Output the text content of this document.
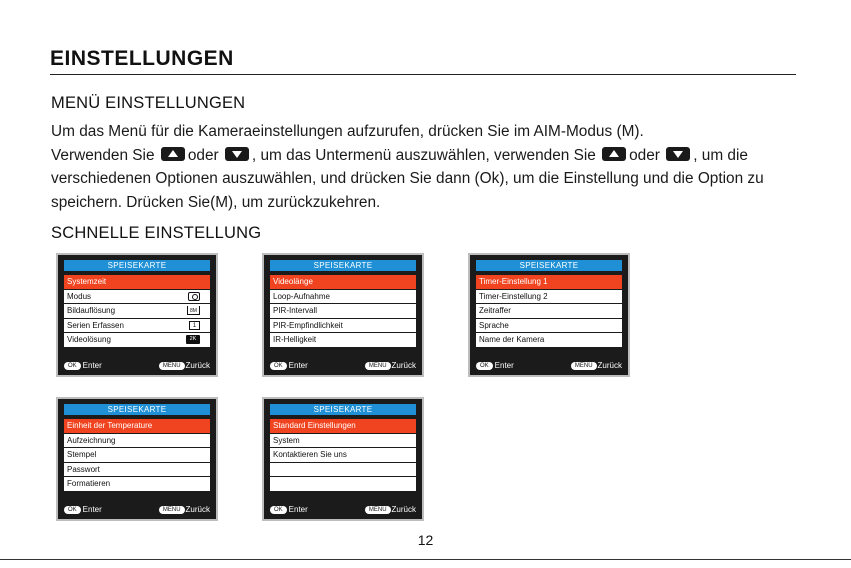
EINSTELLUNGEN
MENÜ EINSTELLUNGEN
Um das Menü für die Kameraeinstellungen aufzurufen, drücken Sie im AIM-Modus (M).
Verwenden Sie oder , um das Untermenü auszuwählen, verwenden Sie oder , um die verschiedenen Optionen auszuwählen, und drücken Sie dann (Ok), um die Einstellung und die Option zu speichern. Drücken Sie(M), um zurückzukehren.
SCHNELLE EINSTELLUNG
SPEISEKARTE
Systemzeit
Modus
Bildauflösung	8M
Serien Erfassen	1
Videolösung	2K
OK Enter	MENU Zurück
SPEISEKARTE
Videolänge
Loop-Aufnahme
PIR-Intervall
PIR-Empfindlichkeit
IR-Helligkeit
OK Enter	MENU Zurück
SPEISEKARTE
Timer-Einstellung 1
Timer-Einstellung 2
Zeitraffer
Sprache
Name der Kamera
OK Enter	MENU Zurück
SPEISEKARTE
Einheit der Temperature
Aufzeichnung
Stempel
Passwort
Formatieren
OK Enter	MENU Zurück
SPEISEKARTE
Standard Einstellungen
System
Kontaktieren Sie uns
OK Enter	MENU Zurück
12
